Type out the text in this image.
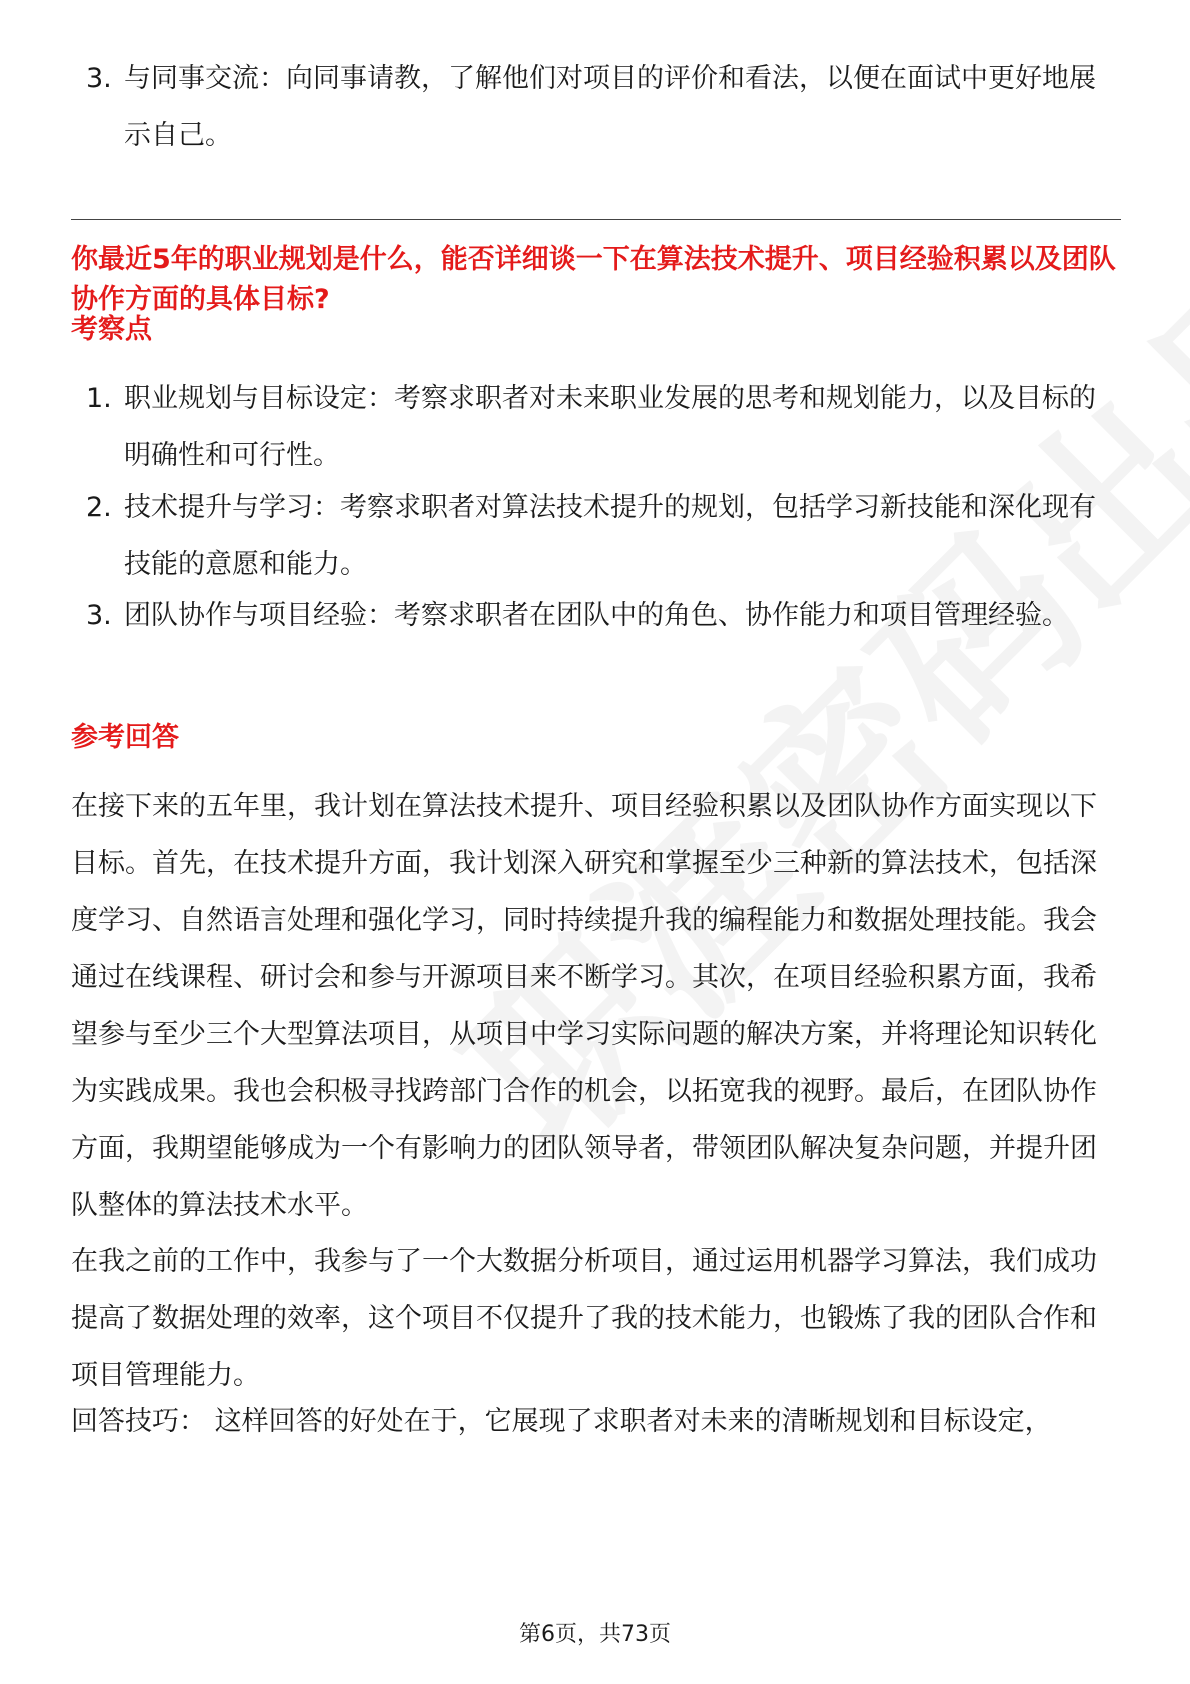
3. 与同事交流：向同事请教，了解他们对项目的评价和看法，以便在面试中更好地展示自己。
你最近5年的职业规划是什么，能否详细谈一下在算法技术提升、项目经验积累以及团队协作方面的具体目标?
考察点
1. 职业规划与目标设定：考察求职者对未来职业发展的思考和规划能力，以及目标的明确性和可行性。
2. 技术提升与学习：考察求职者对算法技术提升的规划，包括学习新技能和深化现有技能的意愿和能力。
3. 团队协作与项目经验：考察求职者在团队中的角色、协作能力和项目管理经验。
参考回答
在接下来的五年里，我计划在算法技术提升、项目经验积累以及团队协作方面实现以下目标。首先，在技术提升方面，我计划深入研究和掌握至少三种新的算法技术，包括深度学习、自然语言处理和强化学习，同时持续提升我的编程能力和数据处理技能。我会通过在线课程、研讨会和参与开源项目来不断学习。其次，在项目经验积累方面，我希望参与至少三个大型算法项目，从项目中学习实际问题的解决方案，并将理论知识转化为实践成果。我也会积极寻找跨部门合作的机会，以拓宽我的视野。最后，在团队协作方面，我期望能够成为一个有影响力的团队领导者，带领团队解决复杂问题，并提升团队整体的算法技术水平。
在我之前的工作中，我参与了一个大数据分析项目，通过运用机器学习算法，我们成功提高了数据处理的效率，这个项目不仅提升了我的技术能力，也锻炼了我的团队合作和项目管理能力。
回答技巧： 这样回答的好处在于，它展现了求职者对未来的清晰规划和目标设定，
第6页，共73页
